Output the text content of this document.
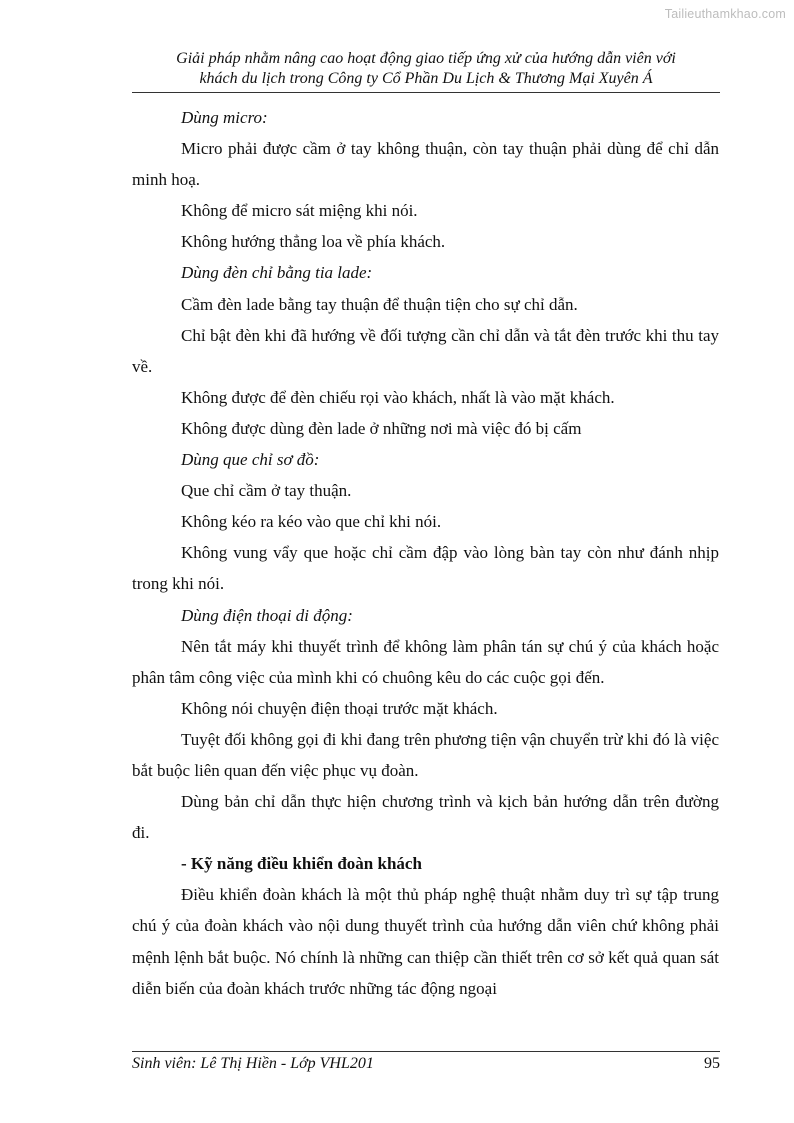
Tailieuthamkhao.com
Giải pháp nhằm nâng cao hoạt động giao tiếp ứng xử của hướng dẫn viên với
khách du lịch trong Công ty Cổ Phần Du Lịch & Thương Mại Xuyên Á

Dùng micro:

Micro phải được cầm ở tay không thuận, còn tay thuận phải dùng để chỉ dẫn minh hoạ.

Không để micro sát miệng khi nói.

Không hướng thẳng loa về phía khách.

Dùng đèn chỉ bằng tia lade:

Cầm đèn lade bằng tay thuận để thuận tiện cho sự chỉ dẫn.

Chỉ bật đèn khi đã hướng về đối tượng cần chỉ dẫn và tắt đèn trước khi thu tay về.

Không được để đèn chiếu rọi vào khách, nhất là vào mặt khách.

Không được dùng đèn lade ở những nơi mà việc đó bị cấm

Dùng que chỉ sơ đồ:

Que chỉ cầm ở tay thuận.

Không kéo ra kéo vào que chỉ khi nói.

Không vung vẩy que hoặc chỉ cầm đập vào lòng bàn tay còn như đánh nhịp trong khi nói.

Dùng điện thoại di động:

Nên tắt máy khi thuyết trình để không làm phân tán sự chú ý của khách hoặc phân tâm công việc của mình khi có chuông kêu do các cuộc gọi đến.

Không nói chuyện điện thoại trước mặt khách.

Tuyệt đối không gọi đi khi đang trên phương tiện vận chuyển trừ khi đó là việc bắt buộc liên quan đến việc phục vụ đoàn.

Dùng bản chỉ dẫn thực hiện chương trình và kịch bản hướng dẫn trên đường đi.

- Kỹ năng điều khiển đoàn khách

Điều khiển đoàn khách là một thủ pháp nghệ thuật nhằm duy trì sự tập trung chú ý của đoàn khách vào nội dung thuyết trình của hướng dẫn viên chứ không phải mệnh lệnh bắt buộc. Nó chính là những can thiệp cần thiết trên cơ sở kết quả quan sát diễn biến của đoàn khách trước những tác động ngoại

Sinh viên: Lê Thị Hiền - Lớp VHL201	95
